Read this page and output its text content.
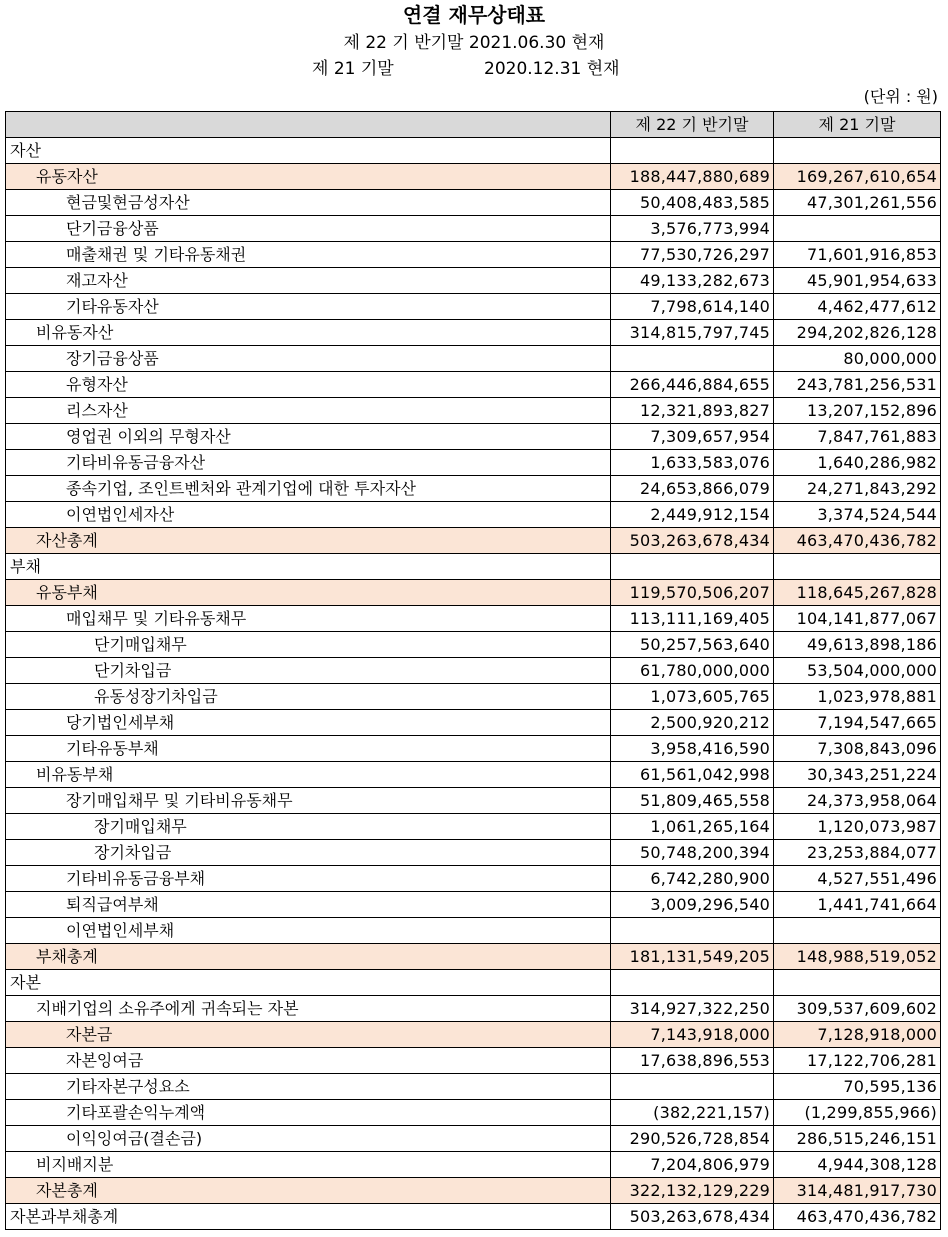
연결 재무상태표
제 22 기 반기말 2021.06.30 현재
제 21 기말	2020.12.31 현재
(단위 : 원)
	제 22 기 반기말	제 21 기말
자산		
유동자산	188,447,880,689	169,267,610,654
현금및현금성자산	50,408,483,585	47,301,261,556
단기금융상품	3,576,773,994	
매출채권 및 기타유동채권	77,530,726,297	71,601,916,853
재고자산	49,133,282,673	45,901,954,633
기타유동자산	7,798,614,140	4,462,477,612
비유동자산	314,815,797,745	294,202,826,128
장기금융상품		80,000,000
유형자산	266,446,884,655	243,781,256,531
리스자산	12,321,893,827	13,207,152,896
영업권 이외의 무형자산	7,309,657,954	7,847,761,883
기타비유동금융자산	1,633,583,076	1,640,286,982
종속기업, 조인트벤처와 관계기업에 대한 투자자산	24,653,866,079	24,271,843,292
이연법인세자산	2,449,912,154	3,374,524,544
자산총계	503,263,678,434	463,470,436,782
부채		
유동부채	119,570,506,207	118,645,267,828
매입채무 및 기타유동채무	113,111,169,405	104,141,877,067
단기매입채무	50,257,563,640	49,613,898,186
단기차입금	61,780,000,000	53,504,000,000
유동성장기차입금	1,073,605,765	1,023,978,881
당기법인세부채	2,500,920,212	7,194,547,665
기타유동부채	3,958,416,590	7,308,843,096
비유동부채	61,561,042,998	30,343,251,224
장기매입채무 및 기타비유동채무	51,809,465,558	24,373,958,064
장기매입채무	1,061,265,164	1,120,073,987
장기차입금	50,748,200,394	23,253,884,077
기타비유동금융부채	6,742,280,900	4,527,551,496
퇴직급여부채	3,009,296,540	1,441,741,664
이연법인세부채		
부채총계	181,131,549,205	148,988,519,052
자본		
지배기업의 소유주에게 귀속되는 자본	314,927,322,250	309,537,609,602
자본금	7,143,918,000	7,128,918,000
자본잉여금	17,638,896,553	17,122,706,281
기타자본구성요소		70,595,136
기타포괄손익누계액	(382,221,157)	(1,299,855,966)
이익잉여금(결손금)	290,526,728,854	286,515,246,151
비지배지분	7,204,806,979	4,944,308,128
자본총계	322,132,129,229	314,481,917,730
자본과부채총계	503,263,678,434	463,470,436,782
